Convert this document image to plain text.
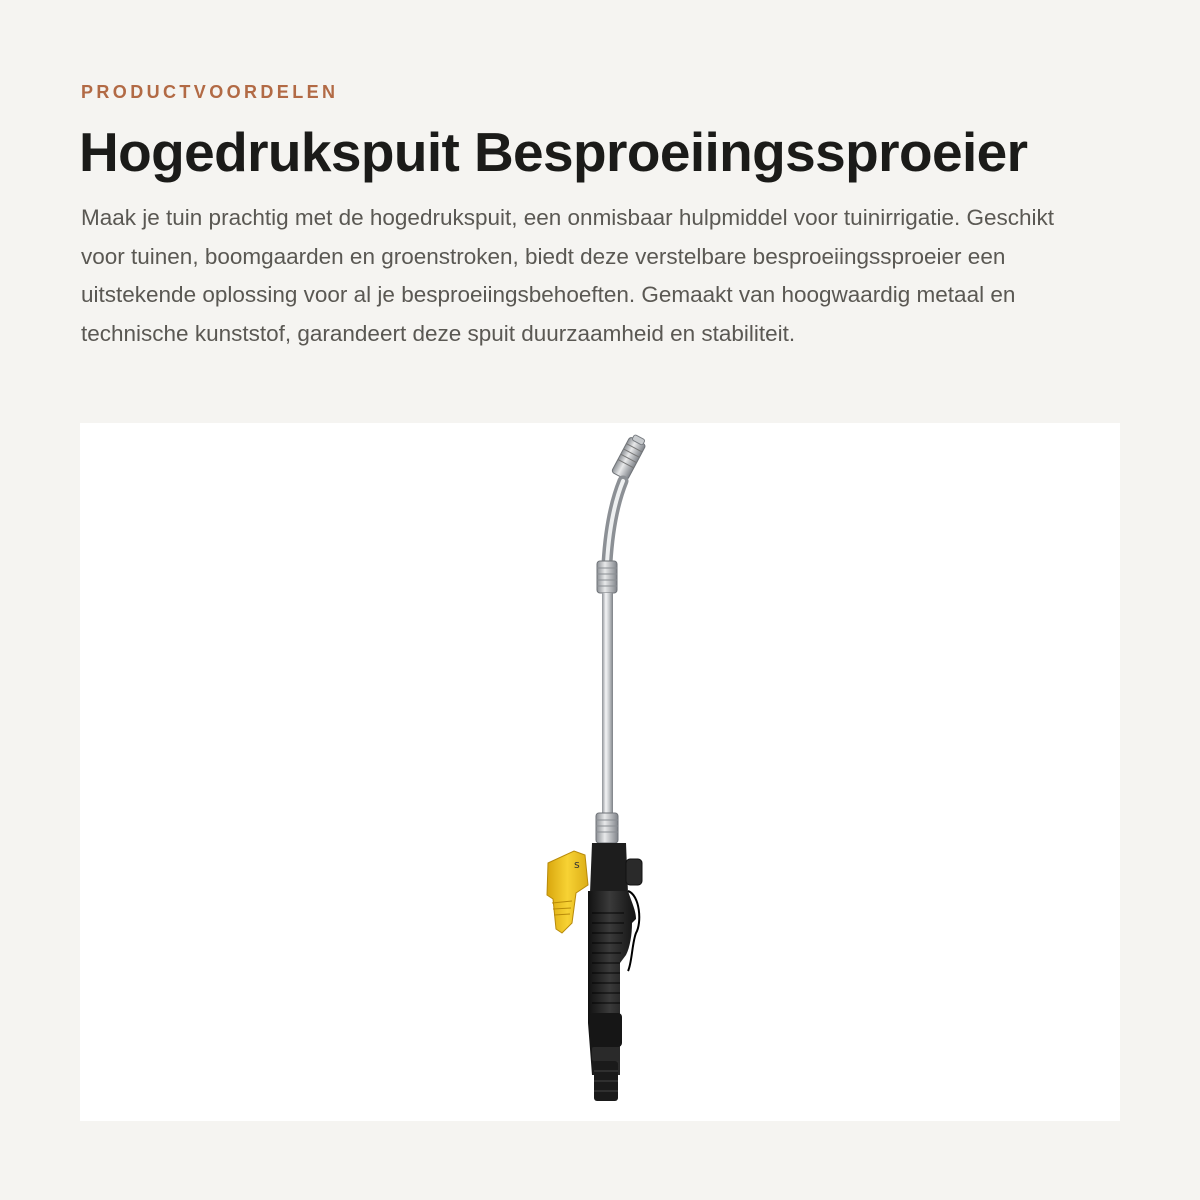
PRODUCTVOORDELEN
Hogedrukspuit Besproeiingssproeier

Maak je tuin prachtig met de hogedrukspuit, een onmisbaar hulpmiddel voor tuinirrigatie. Geschikt voor tuinen, boomgaarden en groenstroken, biedt deze verstelbare besproeiingssproeier een uitstekende oplossing voor al je besproeiingsbehoeften. Gemaakt van hoogwaardig metaal en technische kunststof, garandeert deze spuit duurzaamheid en stabiliteit.

s
